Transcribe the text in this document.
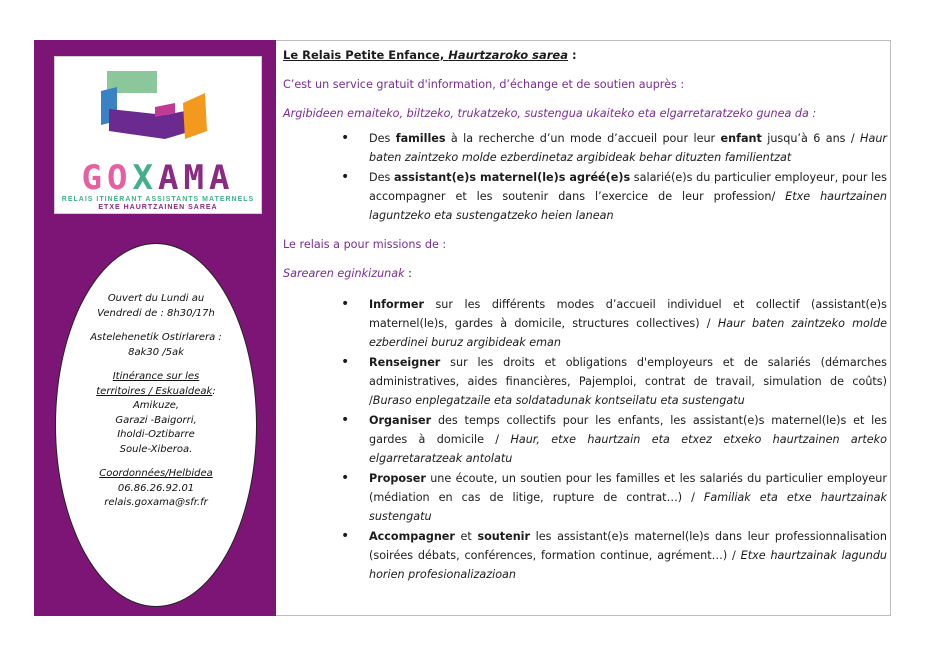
GOXAMA
RELAIS ITINÉRANT ASSISTANTS MATERNELS
ETXE HAURTZAINEN SAREA

Ouvert du Lundi au

Vendredi de : 8h30/17h

Astelehenetik Ostirlarera :

8ak30 /5ak

Itinérance sur les

territoires / Eskualdeak:

Amikuze,

Garazi -Baigorri,

Iholdi-Oztibarre

Soule-Xiberoa.

Coordonnées/Helbidea

06.86.26.92.01

relais.goxama@sfr.fr

Le Relais Petite Enfance, Haurtzaroko sarea :

C’est un service gratuit d'information, d’échange et de soutien auprès :

Argibideen emaiteko, biltzeko, trukatzeko, sustengua ukaiteko eta elgarretaratzeko gunea da :

• Des familles à la recherche d’un mode d’accueil pour leur enfant jusqu’à 6 ans / Haur baten zaintzeko molde ezberdinetaz argibideak behar dituzten familientzat
• Des assistant(e)s maternel(le)s agréé(e)s salarié(e)s du particulier employeur, pour les accompagner et les soutenir dans l’exercice de leur profession/ Etxe haurtzainen laguntzeko eta sustengatzeko heien lanean

Le relais a pour missions de :

Sarearen eginkizunak :

• Informer sur les différents modes d’accueil individuel et collectif (assistant(e)s maternel(le)s, gardes à domicile, structures collectives) / Haur baten zaintzeko molde ezberdinei buruz argibideak eman
• Renseigner sur les droits et obligations d'employeurs et de salariés (démarches administratives, aides financières, Pajemploi, contrat de travail, simulation de coûts) /Buraso enplegatzaile eta soldatadunak kontseilatu eta sustengatu
• Organiser des temps collectifs pour les enfants, les assistant(e)s maternel(le)s et les gardes à domicile / Haur, etxe haurtzain eta etxez etxeko haurtzainen arteko elgarretaratzeak antolatu
• Proposer une écoute, un soutien pour les familles et les salariés du particulier employeur (médiation en cas de litige, rupture de contrat…) / Familiak eta etxe haurtzainak sustengatu
• Accompagner et soutenir les assistant(e)s maternel(le)s dans leur professionnalisation (soirées débats, conférences, formation continue, agrément…) / Etxe haurtzainak lagundu horien profesionalizazioan
